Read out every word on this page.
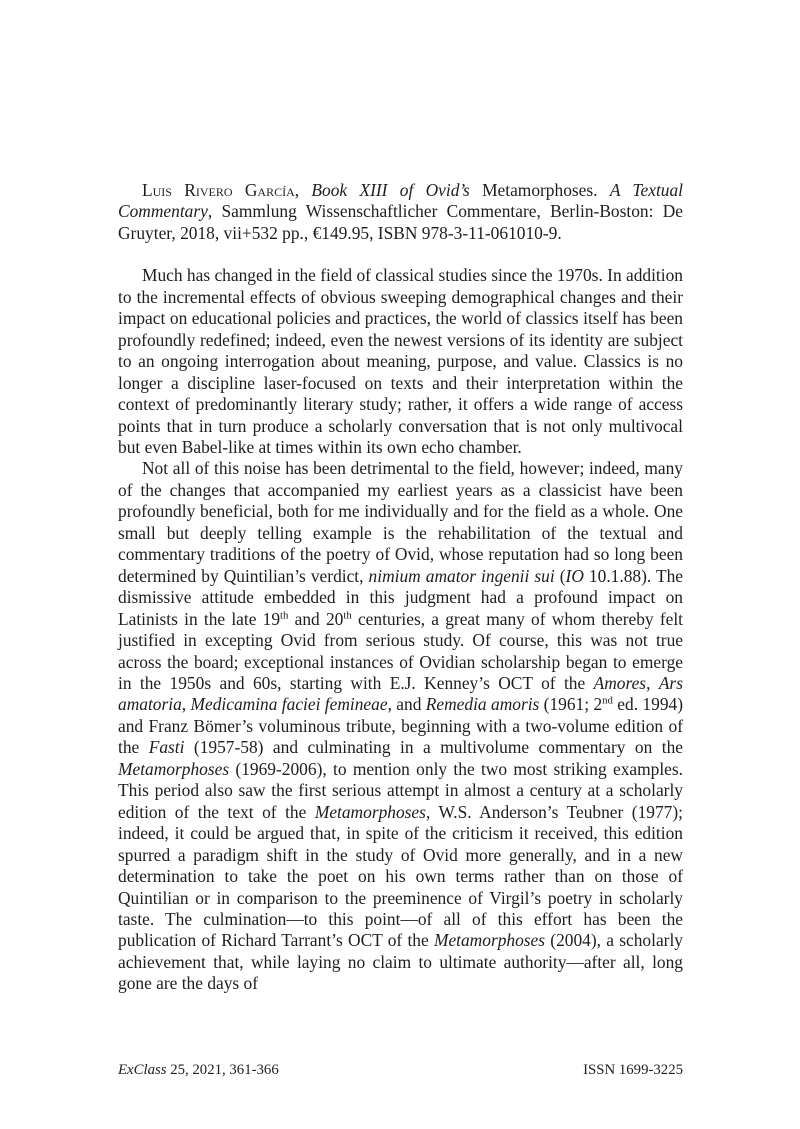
Luis Rivero García, Book XIII of Ovid’s Metamorphoses. A Textual Commentary, Sammlung Wissenschaftlicher Commentare, Berlin-Boston: De Gruyter, 2018, vii+532 pp., €149.95, ISBN 978-3-11-061010-9.

Much has changed in the field of classical studies since the 1970s. In addition to the incremental effects of obvious sweeping demographical changes and their impact on educational policies and practices, the world of classics itself has been profoundly redefined; indeed, even the newest versions of its identity are subject to an ongoing interrogation about meaning, purpose, and value. Classics is no longer a discipline laser-focused on texts and their interpretation within the context of predominantly literary study; rather, it offers a wide range of access points that in turn produce a scholarly conversation that is not only multivocal but even Babel-like at times within its own echo chamber.

Not all of this noise has been detrimental to the field, however; indeed, many of the changes that accompanied my earliest years as a classicist have been profoundly beneficial, both for me individually and for the field as a whole. One small but deeply telling example is the rehabilitation of the textual and commentary traditions of the poetry of Ovid, whose reputation had so long been determined by Quintilian’s verdict, nimium amator ingenii sui (IO 10.1.88). The dismissive attitude embedded in this judgment had a profound impact on Latinists in the late 19th and 20th centuries, a great many of whom thereby felt justified in excepting Ovid from serious study. Of course, this was not true across the board; exceptional instances of Ovidian scholarship began to emerge in the 1950s and 60s, starting with E.J. Kenney’s OCT of the Amores, Ars amatoria, Medicamina faciei femineae, and Remedia amoris (1961; 2nd ed. 1994) and Franz Bömer’s voluminous tribute, beginning with a two-volume edition of the Fasti (1957-58) and culminating in a multivolume commentary on the Metamorphoses (1969-2006), to mention only the two most striking examples. This period also saw the first serious attempt in almost a century at a scholarly edition of the text of the Metamorphoses, W.S. Anderson’s Teubner (1977); indeed, it could be argued that, in spite of the criticism it received, this edition spurred a paradigm shift in the study of Ovid more generally, and in a new determination to take the poet on his own terms rather than on those of Quintilian or in comparison to the preeminence of Virgil’s poetry in scholarly taste. The culmination—to this point—of all of this effort has been the publication of Richard Tarrant’s OCT of the Metamorphoses (2004), a scholarly achievement that, while laying no claim to ultimate authority—after all, long gone are the days of

ExClass 25, 2021, 361-366	ISSN 1699-3225
